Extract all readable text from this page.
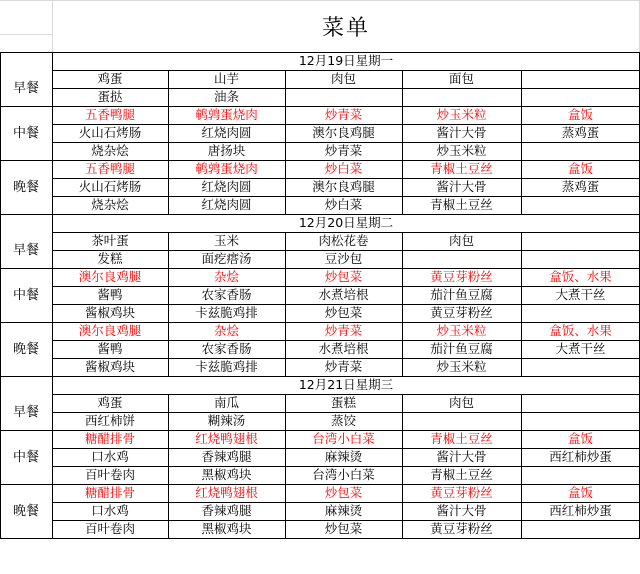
菜单
12月19日星期一
早餐
鸡蛋	山芋	肉包	面包
蛋挞	油条
中餐
五香鸭腿	鹌鹑蛋烧肉	炒青菜	炒玉米粒	盒饭
火山石烤肠	红烧肉圆	澳尔良鸡腿	酱汁大骨	蒸鸡蛋
烧杂烩	唐扬块	炒青菜	炒玉米粒
晚餐
五香鸭腿	鹌鹑蛋烧肉	炒白菜	青椒土豆丝	盒饭
火山石烤肠	红烧肉圆	澳尔良鸡腿	酱汁大骨	蒸鸡蛋
烧杂烩	红烧肉圆	炒白菜	青椒土豆丝
12月20日星期二
早餐
茶叶蛋	玉米	肉松花卷	肉包
发糕	面疙瘩汤	豆沙包
中餐
澳尔良鸡腿	杂烩	炒包菜	黄豆芽粉丝	盒饭、水果
酱鸭	农家香肠	水煮培根	茄汁鱼豆腐	大煮干丝
酱椒鸡块	卡兹脆鸡排	炒包菜	黄豆芽粉丝
晚餐
澳尔良鸡腿	杂烩	炒青菜	炒玉米粒	盒饭、水果
酱鸭	农家香肠	水煮培根	茄汁鱼豆腐	大煮干丝
酱椒鸡块	卡兹脆鸡排	炒青菜	炒玉米粒
12月21日星期三
早餐
鸡蛋	南瓜	蛋糕	肉包
西红柿饼	糊辣汤	蒸饺
中餐
糖醋排骨	红烧鸭翅根	台湾小白菜	青椒土豆丝	盒饭
口水鸡	香辣鸡腿	麻辣烫	酱汁大骨	西红柿炒蛋
百叶卷肉	黑椒鸡块	台湾小白菜	青椒土豆丝
晚餐
糖醋排骨	红烧鸭翅根	炒包菜	黄豆芽粉丝	盒饭
口水鸡	香辣鸡腿	麻辣烫	酱汁大骨	西红柿炒蛋
百叶卷肉	黑椒鸡块	炒包菜	黄豆芽粉丝
